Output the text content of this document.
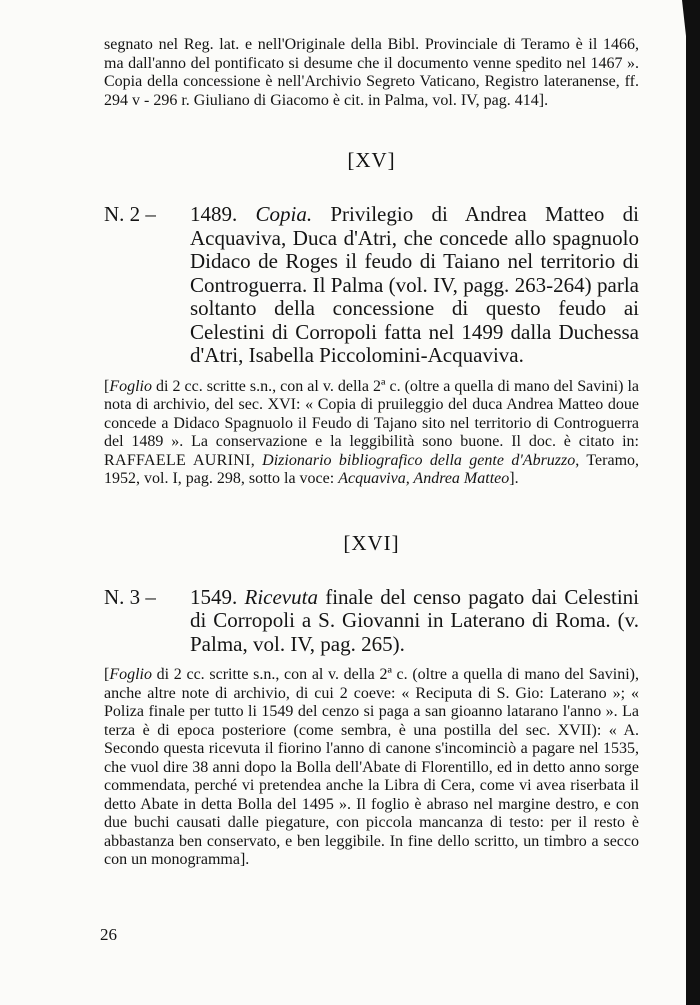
segnato nel Reg. lat. e nell'Originale della Bibl. Provinciale di Teramo è il 1466, ma dall'anno del pontificato si desume che il documento venne spedito nel 1467 ». Copia della concessione è nell'Archivio Segreto Vaticano, Registro lateranense, ff. 294 v - 296 r. Giuliano di Giacomo è cit. in Palma, vol. IV, pag. 414].

[XV]

N. 2 – 1489. Copia. Privilegio di Andrea Matteo di Acquaviva, Duca d'Atri, che concede allo spagnuolo Didaco de Roges il feudo di Taiano nel territorio di Controguerra. Il Palma (vol. IV, pagg. 263-264) parla soltanto della concessione di questo feudo ai Celestini di Corropoli fatta nel 1499 dalla Duchessa d'Atri, Isabella Piccolomini-Acquaviva.

[Foglio di 2 cc. scritte s.n., con al v. della 2ª c. (oltre a quella di mano del Savini) la nota di archivio, del sec. XVI: « Copia di pruileggio del duca Andrea Matteo doue concede a Didaco Spagnuolo il Feudo di Tajano sito nel territorio di Controguerra del 1489 ». La conservazione e la leggibilità sono buone. Il doc. è citato in: RAFFAELE AURINI, Dizionario bibliografico della gente d'Abruzzo, Teramo, 1952, vol. I, pag. 298, sotto la voce: Acquaviva, Andrea Matteo].

[XVI]

N. 3 – 1549. Ricevuta finale del censo pagato dai Celestini di Corropoli a S. Giovanni in Laterano di Roma. (v. Palma, vol. IV, pag. 265).

[Foglio di 2 cc. scritte s.n., con al v. della 2ª c. (oltre a quella di mano del Savini), anche altre note di archivio, di cui 2 coeve: « Reciputa di S. Gio: Laterano »; « Poliza finale per tutto li 1549 del cenzo si paga a san gioanno latarano l'anno ». La terza è di epoca posteriore (come sembra, è una postilla del sec. XVII): « A. Secondo questa ricevuta il fiorino l'anno di canone s'incominciò a pagare nel 1535, che vuol dire 38 anni dopo la Bolla dell'Abate di Florentillo, ed in detto anno sorge commendata, perché vi pretendea anche la Libra di Cera, come vi avea riserbata il detto Abate in detta Bolla del 1495 ». Il foglio è abraso nel margine destro, e con due buchi causati dalle piegature, con piccola mancanza di testo: per il resto è abbastanza ben conservato, e ben leggibile. In fine dello scritto, un timbro a secco con un monogramma].

26
